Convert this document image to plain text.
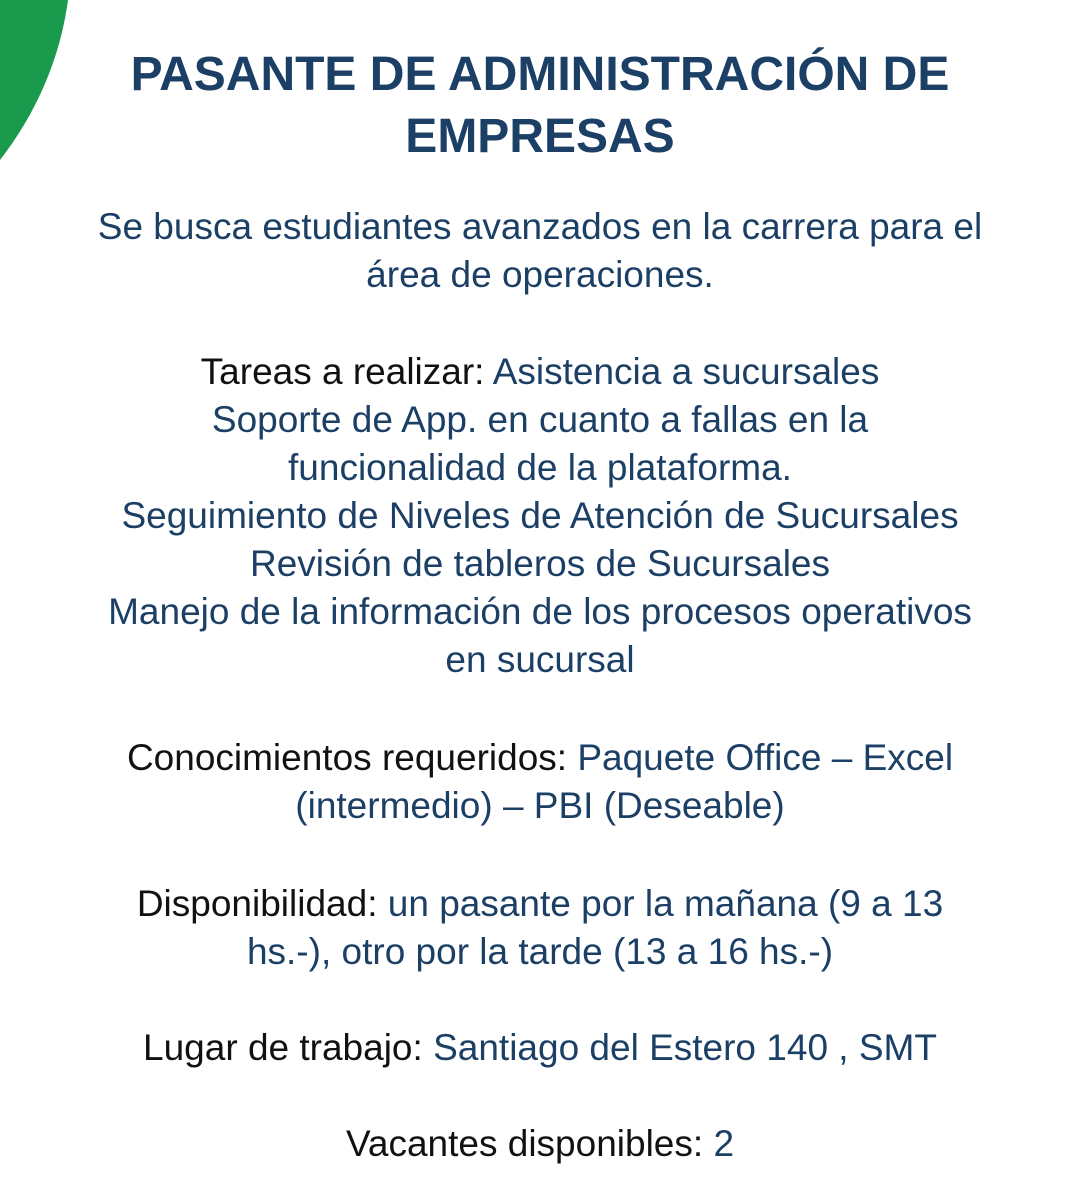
PASANTE DE ADMINISTRACIÓN DE
EMPRESAS
Se busca estudiantes avanzados en la carrera para el
área de operaciones.
Tareas a realizar: Asistencia a sucursales
Soporte de App. en cuanto a fallas en la
funcionalidad de la plataforma.
Seguimiento de Niveles de Atención de Sucursales
Revisión de tableros de Sucursales
Manejo de la información de los procesos operativos
en sucursal
Conocimientos requeridos: Paquete Office – Excel
(intermedio) – PBI (Deseable)
Disponibilidad: un pasante por la mañana (9 a 13
hs.-), otro por la tarde (13 a 16 hs.-)
Lugar de trabajo: Santiago del Estero 140 , SMT
Vacantes disponibles: 2
